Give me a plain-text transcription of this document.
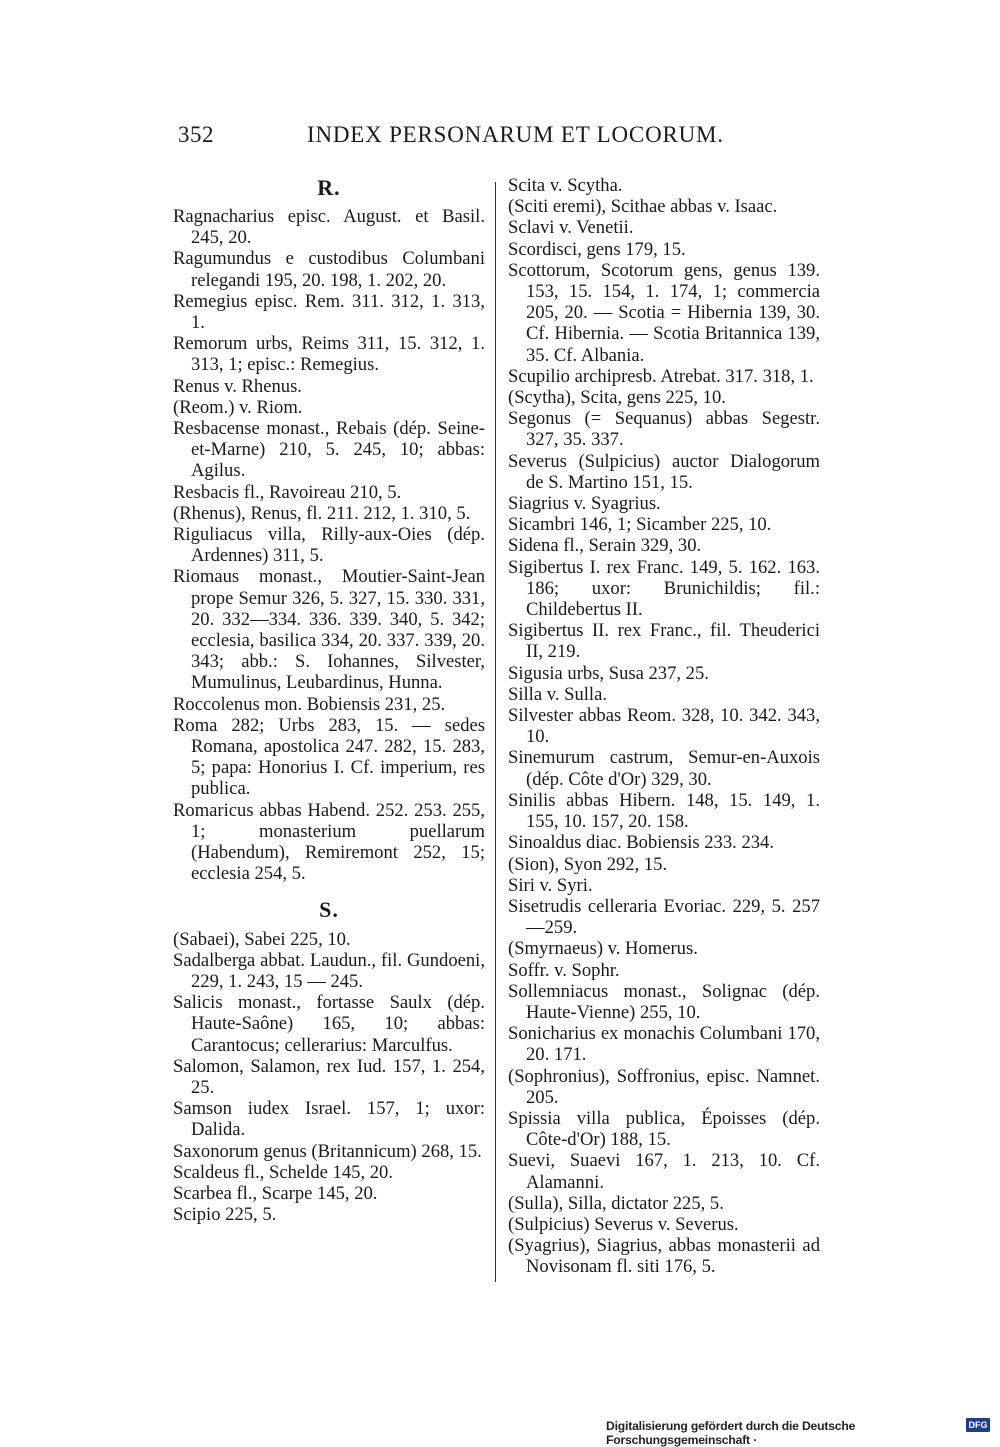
352	INDEX PERSONARUM ET LOCORUM.
R.

Ragnacharius episc. August. et Basil. 245, 20.

Ragumundus e custodibus Columbani relegandi 195, 20. 198, 1. 202, 20.

Remegius episc. Rem. 311. 312, 1. 313, 1.

Remorum urbs, Reims 311, 15. 312, 1. 313, 1; episc.: Remegius.

Renus v. Rhenus.

(Reom.) v. Riom.

Resbacense monast., Rebais (dép. Seine-et-Marne) 210, 5. 245, 10; abbas: Agilus.

Resbacis fl., Ravoireau 210, 5.

(Rhenus), Renus, fl. 211. 212, 1. 310, 5.

Riguliacus villa, Rilly-aux-Oies (dép. Ardennes) 311, 5.

Riomaus monast., Moutier-Saint-Jean prope Semur 326, 5. 327, 15. 330. 331, 20. 332—334. 336. 339. 340, 5. 342; ecclesia, basilica 334, 20. 337. 339, 20. 343; abb.: S. Iohannes, Silvester, Mumulinus, Leubardinus, Hunna.

Roccolenus mon. Bobiensis 231, 25.

Roma 282; Urbs 283, 15. — sedes Romana, apostolica 247. 282, 15. 283, 5; papa: Honorius I. Cf. imperium, res publica.

Romaricus abbas Habend. 252. 253. 255, 1; monasterium puellarum (Habendum), Remiremont 252, 15; ecclesia 254, 5.

S.

(Sabaei), Sabei 225, 10.

Sadalberga abbat. Laudun., fil. Gundoeni, 229, 1. 243, 15 — 245.

Salicis monast., fortasse Saulx (dép. Haute-Saône) 165, 10; abbas: Carantocus; cellerarius: Marculfus.

Salomon, Salamon, rex Iud. 157, 1. 254, 25.

Samson iudex Israel. 157, 1; uxor: Dalida.

Saxonorum genus (Britannicum) 268, 15.

Scaldeus fl., Schelde 145, 20.

Scarbea fl., Scarpe 145, 20.

Scipio 225, 5.

Scita v. Scytha.

(Sciti eremi), Scithae abbas v. Isaac.

Sclavi v. Venetii.

Scordisci, gens 179, 15.

Scottorum, Scotorum gens, genus 139. 153, 15. 154, 1. 174, 1; commercia 205, 20. — Scotia = Hibernia 139, 30. Cf. Hibernia. — Scotia Britannica 139, 35. Cf. Albania.

Scupilio archipresb. Atrebat. 317. 318, 1.

(Scytha), Scita, gens 225, 10.

Segonus (= Sequanus) abbas Segestr. 327, 35. 337.

Severus (Sulpicius) auctor Dialogorum de S. Martino 151, 15.

Siagrius v. Syagrius.

Sicambri 146, 1; Sicamber 225, 10.

Sidena fl., Serain 329, 30.

Sigibertus I. rex Franc. 149, 5. 162. 163. 186; uxor: Brunichildis; fil.: Childebertus II.

Sigibertus II. rex Franc., fil. Theuderici II, 219.

Sigusia urbs, Susa 237, 25.

Silla v. Sulla.

Silvester abbas Reom. 328, 10. 342. 343, 10.

Sinemurum castrum, Semur-en-Auxois (dép. Côte d'Or) 329, 30.

Sinilis abbas Hibern. 148, 15. 149, 1. 155, 10. 157, 20. 158.

Sinoaldus diac. Bobiensis 233. 234.

(Sion), Syon 292, 15.

Siri v. Syri.

Sisetrudis celleraria Evoriac. 229, 5. 257—259.

(Smyrnaeus) v. Homerus.

Soffr. v. Sophr.

Sollemniacus monast., Solignac (dép. Haute-Vienne) 255, 10.

Sonicharius ex monachis Columbani 170, 20. 171.

(Sophronius), Soffronius, episc. Namnet. 205.

Spissia villa publica, Époisses (dép. Côte-d'Or) 188, 15.

Suevi, Suaevi 167, 1. 213, 10. Cf. Alamanni.

(Sulla), Silla, dictator 225, 5.

(Sulpicius) Severus v. Severus.

(Syagrius), Siagrius, abbas monasterii ad Novisonam fl. siti 176, 5.

Digitalisierung gefördert durch die Deutsche Forschungsgemeinschaft ·
DFG
